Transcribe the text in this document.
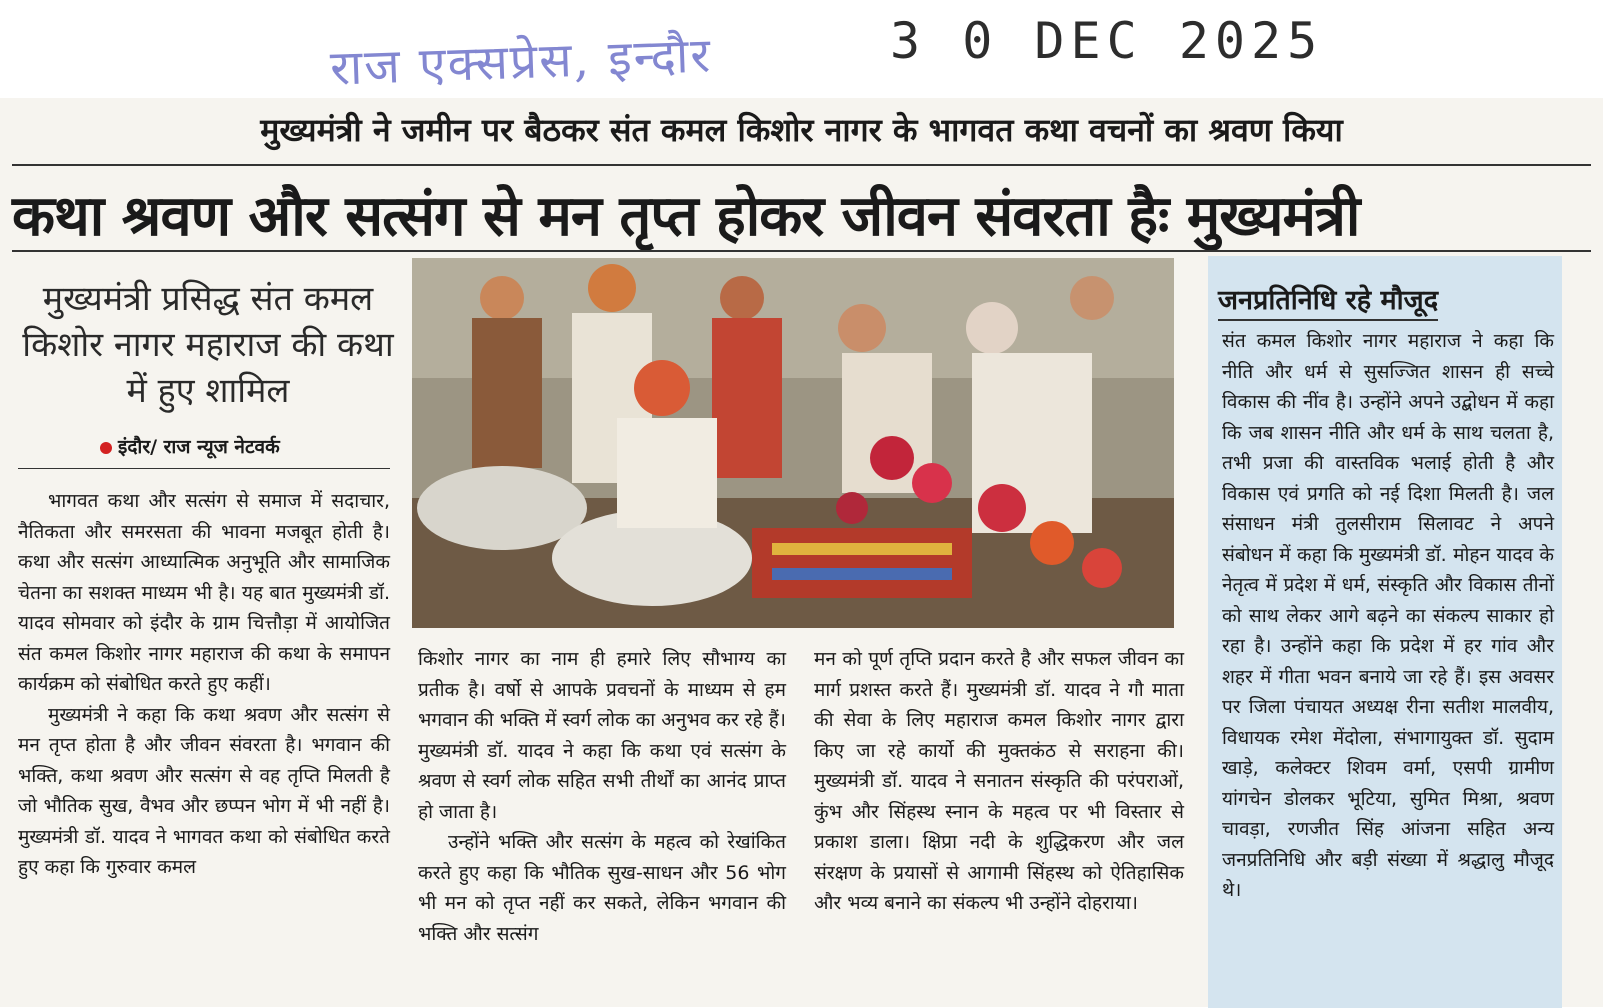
राज एक्सप्रेस, इन्दौर	3 0 DEC 2025
मुख्यमंत्री ने जमीन पर बैठकर संत कमल किशोर नागर के भागवत कथा वचनों का श्रवण किया
कथा श्रवण और सत्संग से मन तृप्त होकर जीवन संवरता हैः मुख्यमंत्री
मुख्यमंत्री प्रसिद्ध संत कमल किशोर नागर महाराज की कथा में हुए शामिल
इंदौर/ राज न्यूज नेटवर्क

भागवत कथा और सत्संग से समाज में सदाचार, नैतिकता और समरसता की भावना मजबूत होती है। कथा और सत्संग आध्यात्मिक अनुभूति और सामाजिक चेतना का सशक्त माध्यम भी है। यह बात मुख्यमंत्री डॉ. यादव सोमवार को इंदौर के ग्राम चित्तौड़ा में आयोजित संत कमल किशोर नागर महाराज की कथा के समापन कार्यक्रम को संबोधित करते हुए कहीं।

मुख्यमंत्री ने कहा कि कथा श्रवण और सत्संग से मन तृप्त होता है और जीवन संवरता है। भगवान की भक्ति, कथा श्रवण और सत्संग से वह तृप्ति मिलती है जो भौतिक सुख, वैभव और छप्पन भोग में भी नहीं है। मुख्यमंत्री डॉ. यादव ने भागवत कथा को संबोधित करते हुए कहा कि गुरुवार कमल

किशोर नागर का नाम ही हमारे लिए सौभाग्य का प्रतीक है। वर्षो से आपके प्रवचनों के माध्यम से हम भगवान की भक्ति में स्वर्ग लोक का अनुभव कर रहे हैं। मुख्यमंत्री डॉ. यादव ने कहा कि कथा एवं सत्संग के श्रवण से स्वर्ग लोक सहित सभी तीर्थों का आनंद प्राप्त हो जाता है।

उन्होंने भक्ति और सत्संग के महत्व को रेखांकित करते हुए कहा कि भौतिक सुख-साधन और 56 भोग भी मन को तृप्त नहीं कर सकते, लेकिन भगवान की भक्ति और सत्संग

मन को पूर्ण तृप्ति प्रदान करते है और सफल जीवन का मार्ग प्रशस्त करते हैं। मुख्यमंत्री डॉ. यादव ने गौ माता की सेवा के लिए महाराज कमल किशोर नागर द्वारा किए जा रहे कार्यो की मुक्तकंठ से सराहना की। मुख्यमंत्री डॉ. यादव ने सनातन संस्कृति की परंपराओं, कुंभ और सिंहस्थ स्नान के महत्व पर भी विस्तार से प्रकाश डाला। क्षिप्रा नदी के शुद्धिकरण और जल संरक्षण के प्रयासों से आगामी सिंहस्थ को ऐतिहासिक और भव्य बनाने का संकल्प भी उन्होंने दोहराया।

जनप्रतिनिधि रहे मौजूद
संत कमल किशोर नागर महाराज ने कहा कि नीति और धर्म से सुसज्जित शासन ही सच्चे विकास की नींव है। उन्होंने अपने उद्बोधन में कहा कि जब शासन नीति और धर्म के साथ चलता है, तभी प्रजा की वास्तविक भलाई होती है और विकास एवं प्रगति को नई दिशा मिलती है। जल संसाधन मंत्री तुलसीराम सिलावट ने अपने संबोधन में कहा कि मुख्यमंत्री डॉ. मोहन यादव के नेतृत्व में प्रदेश में धर्म, संस्कृति और विकास तीनों को साथ लेकर आगे बढ़ने का संकल्प साकार हो रहा है। उन्होंने कहा कि प्रदेश में हर गांव और शहर में गीता भवन बनाये जा रहे हैं। इस अवसर पर जिला पंचायत अध्यक्ष रीना सतीश मालवीय, विधायक रमेश मेंदोला, संभागायुक्त डॉ. सुदाम खाड़े, कलेक्टर शिवम वर्मा, एसपी ग्रामीण यांगचेन डोलकर भूटिया, सुमित मिश्रा, श्रवण चावड़ा, रणजीत सिंह आंजना सहित अन्य जनप्रतिनिधि और बड़ी संख्या में श्रद्धालु मौजूद थे।
